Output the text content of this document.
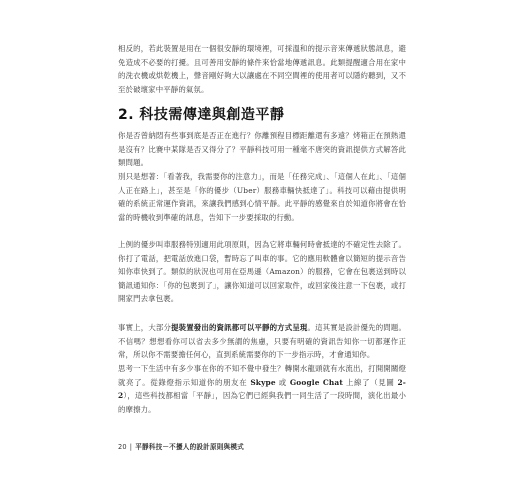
相反的，若此裝置是用在一個很安靜的環境裡，可採溫和的提示音來傳遞狀態訊息，避免造成不必要的打擾。且可善用安靜的條件來恰當地傳遞訊息。此類提醒適合用在家中的洗衣機或烘乾機上，聲音剛好夠大以讓處在不同空間裡的使用者可以隱約聽到，又不至於破壞家中平靜的氣氛。

2. 科技需傳達與創造平靜

你是否曾納悶有些事到底是否正在進行？你離預程目標距離還有多遠？烤箱正在預熱還是沒有？比賽中某隊是否又得分了？平靜科技可用一種毫不唐突的資訊提供方式解答此類問題。

別只是想著：「看著我，我需要你的注意力」，而是「任務完成」、「這個人在此」、「這個人正在路上」，甚至是「你的優步（Uber）服務車輛快抵達了」。科技可以藉由提供明確的系統正常運作資訊，來讓我們感到心情平靜。此平靜的感覺來自於知道你將會在恰當的時機收到準確的訊息，告知下一步要採取的行動。

上例的優步叫車服務特別適用此項原則，因為它將車輛何時會抵達的不確定性去除了。你打了電話，把電話放進口袋，暫時忘了叫車的事。它的應用軟體會以簡短的提示音告知你車快到了。類似的狀況也可用在亞馬遜（Amazon）的服務，它會在包裹送到時以簡訊通知你：「你的包裹到了」，讓你知道可以回家取件，或回家後注意一下包裹，或打開家門去拿包裹。

事實上，大部分提裝置發出的資訊都可以平靜的方式呈現。這其實是設計優先的問題。不信嗎？想想看你可以省去多少無謂的焦慮，只要有明確的資訊告知你一切都運作正常，所以你不需要擔任何心，直到系統需要你的下一步指示時，才會通知你。

思考一下生活中有多少事在你的不知不覺中發生？轉開水龍頭就有水流出，打開開關燈就亮了。從錄燈指示知道你的朋友在 Skype 或 Google Chat 上線了（見圖 2-2），這些科技都相當「平靜」，因為它們已經與我們一同生活了一段時間，演化出最小的摩擦力。

20 | 平靜科技－不擾人的設計原則與模式
